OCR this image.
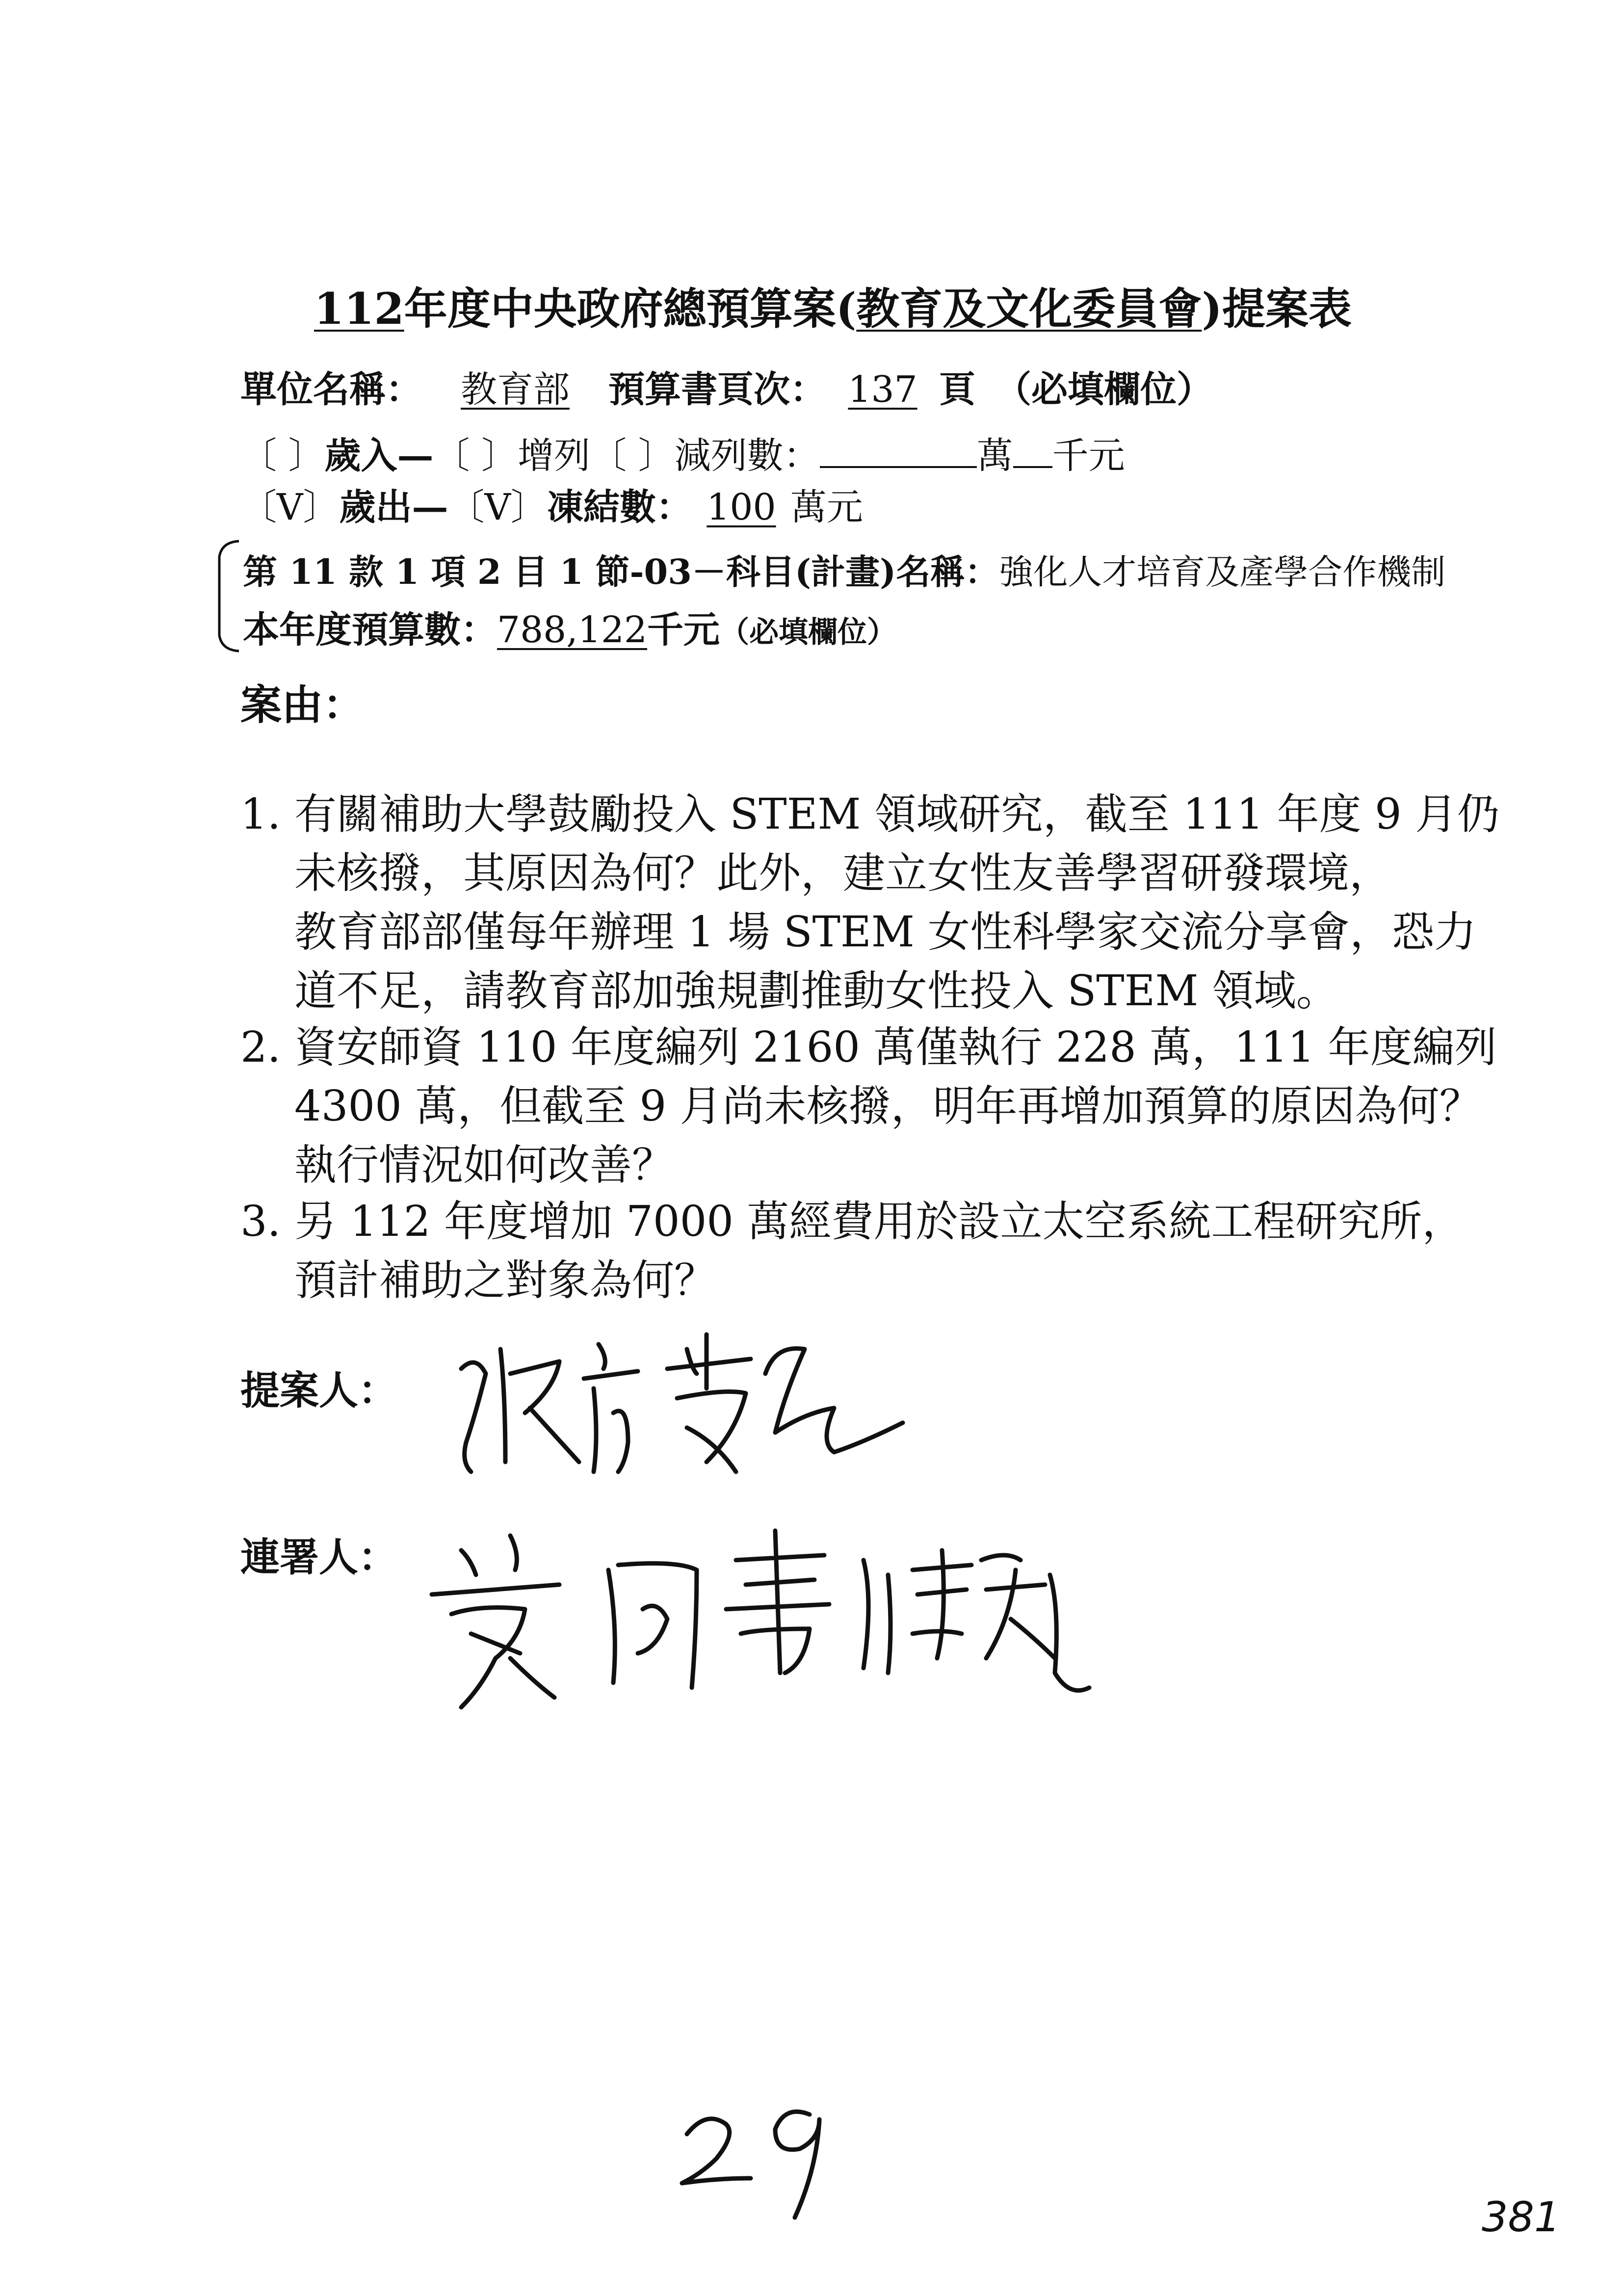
112年度中央政府總預算案(教育及文化委員會)提案表
單位名稱： 教育部 預算書頁次： 137 頁 （必填欄位）
〔 〕歲入—〔 〕增列〔 〕減列數：	萬 千元
〔V〕歲出—〔V〕凍結數： 100 萬元
第 11 款 1 項 2 目 1 節-03－科目(計畫)名稱：強化人才培育及產學合作機制
本年度預算數：788,122千元（必填欄位）
案由：
1. 有關補助大學鼓勵投入 STEM 領域研究，截至 111 年度 9 月仍
未核撥，其原因為何？此外，建立女性友善學習研發環境，
教育部部僅每年辦理 1 場 STEM 女性科學家交流分享會，恐力
道不足，請教育部加強規劃推動女性投入 STEM 領域。
2. 資安師資 110 年度編列 2160 萬僅執行 228 萬，111 年度編列
4300 萬，但截至 9 月尚未核撥，明年再增加預算的原因為何？
執行情況如何改善？
3. 另 112 年度增加 7000 萬經費用於設立太空系統工程研究所，
預計補助之對象為何？
提案人：
連署人：
381
